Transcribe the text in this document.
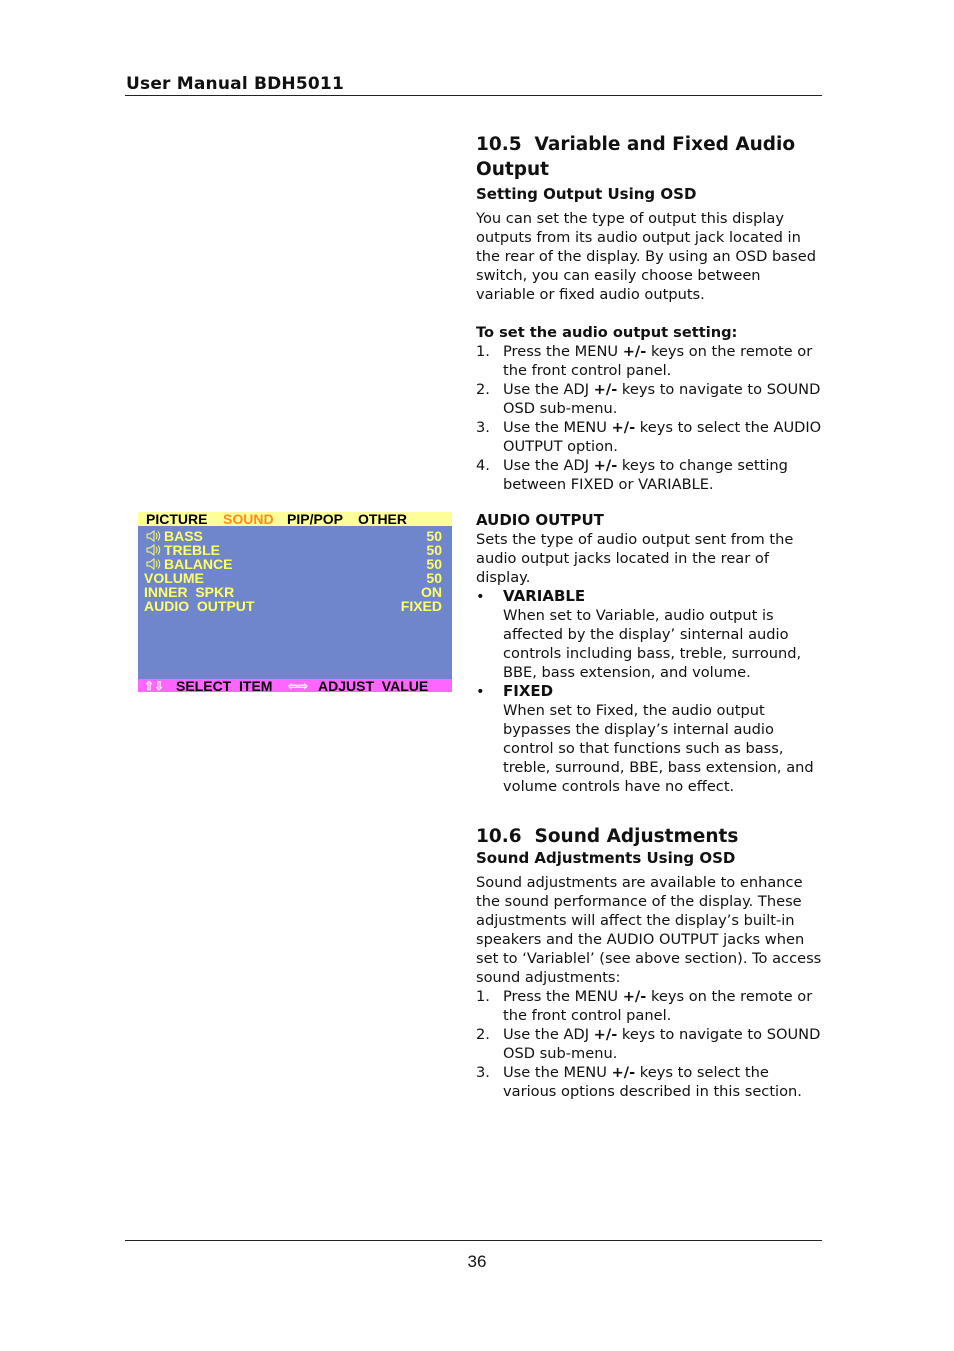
User Manual BDH5011
PICTURE SOUND PIP/POP OTHER
BASS	50
TREBLE	50
BALANCE	50
VOLUME	50
INNER  SPKR	ON
AUDIO  OUTPUT	FIXED
⇧⇩ SELECT  ITEM ⇦⇨ ADJUST  VALUE
10.5  Variable and Fixed Audio
Output
Setting Output Using OSD

You can set the type of output this display outputs from its audio output jack located in the rear of the display. By using an OSD based switch, you can easily choose between variable or fixed audio outputs.

To set the audio output setting:

1. Press the MENU +/- keys on the remote or the front control panel.
2. Use the ADJ +/- keys to navigate to SOUND OSD sub-menu.
3. Use the MENU +/- keys to select the AUDIO OUTPUT option.
4. Use the ADJ +/- keys to change setting between FIXED or VARIABLE.
AUDIO OUTPUT

Sets the type of audio output sent from the audio output jacks located in the rear of display.

• VARIABLE
When set to Variable, audio output is affected by the display’ sinternal audio controls including bass, treble, surround, BBE, bass extension, and volume.
• FIXED
When set to Fixed, the audio output bypasses the display’s internal audio control so that functions such as bass, treble, surround, BBE, bass extension, and volume controls have no effect.
10.6  Sound Adjustments
Sound Adjustments Using OSD

Sound adjustments are available to enhance the sound performance of the display. These adjustments will affect the display’s built-in speakers and the AUDIO OUTPUT jacks when set to ‘Variablel’ (see above section). To access sound adjustments:

1. Press the MENU +/- keys on the remote or the front control panel.
2. Use the ADJ +/- keys to navigate to SOUND OSD sub-menu.
3. Use the MENU +/- keys to select the various options described in this section.
36
